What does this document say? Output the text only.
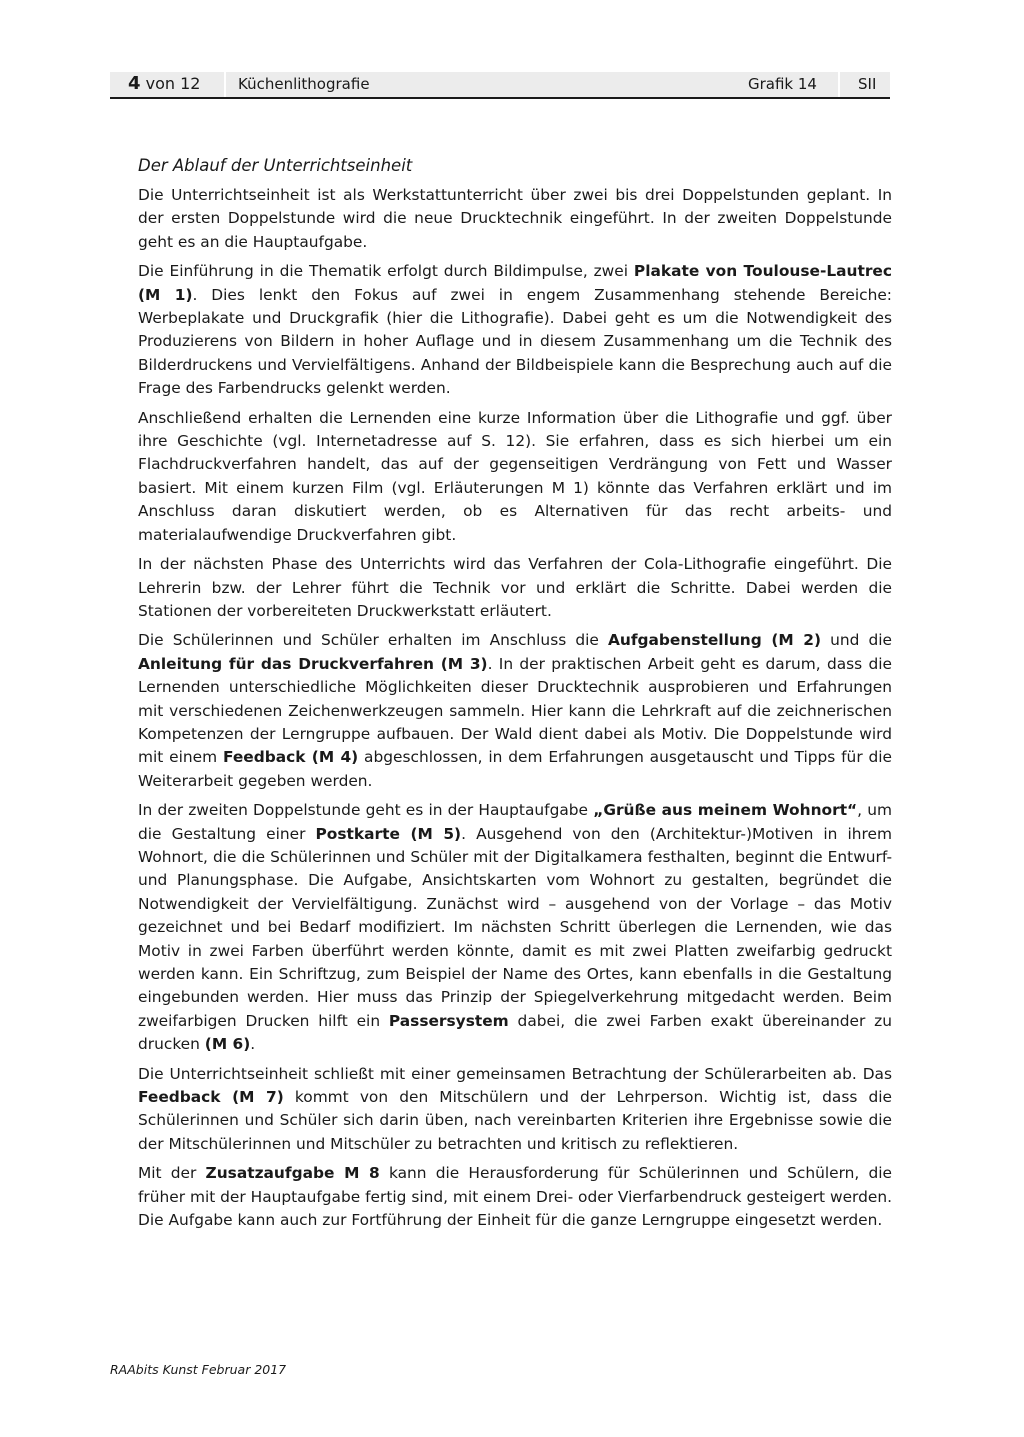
4 von 12	Küchenlithografie	Grafik 14	SII
Der Ablauf der Unterrichtseinheit

Die Unterrichtseinheit ist als Werkstattunterricht über zwei bis drei Doppelstunden geplant. In der ersten Doppelstunde wird die neue Drucktechnik eingeführt. In der zweiten Doppelstunde geht es an die Hauptaufgabe.

Die Einführung in die Thematik erfolgt durch Bildimpulse, zwei Plakate von Toulouse-Lautrec (M 1). Dies lenkt den Fokus auf zwei in engem Zusammenhang stehende Bereiche: Werbeplakate und Druckgrafik (hier die Lithografie). Dabei geht es um die Notwendigkeit des Produzierens von Bildern in hoher Auflage und in diesem Zusammenhang um die Technik des Bilderdruckens und Vervielfältigens. Anhand der Bildbeispiele kann die Besprechung auch auf die Frage des Farbendrucks gelenkt werden.

Anschließend erhalten die Lernenden eine kurze Information über die Lithografie und ggf. über ihre Geschichte (vgl. Internetadresse auf S. 12). Sie erfahren, dass es sich hierbei um ein Flachdruckverfahren handelt, das auf der gegenseitigen Verdrängung von Fett und Wasser basiert. Mit einem kurzen Film (vgl. Erläuterungen M 1) könnte das Verfahren erklärt und im Anschluss daran diskutiert werden, ob es Alternativen für das recht arbeits- und materialaufwendige Druckverfahren gibt.

In der nächsten Phase des Unterrichts wird das Verfahren der Cola-Lithografie eingeführt. Die Lehrerin bzw. der Lehrer führt die Technik vor und erklärt die Schritte. Dabei werden die Stationen der vorbereiteten Druckwerkstatt erläutert.

Die Schülerinnen und Schüler erhalten im Anschluss die Aufgabenstellung (M 2) und die Anleitung für das Druckverfahren (M 3). In der praktischen Arbeit geht es darum, dass die Lernenden unterschiedliche Möglichkeiten dieser Drucktechnik ausprobieren und Erfahrungen mit verschiedenen Zeichenwerkzeugen sammeln. Hier kann die Lehrkraft auf die zeichnerischen Kompetenzen der Lerngruppe aufbauen. Der Wald dient dabei als Motiv. Die Doppelstunde wird mit einem Feedback (M 4) abgeschlossen, in dem Erfahrungen ausgetauscht und Tipps für die Weiterarbeit gegeben werden.

In der zweiten Doppelstunde geht es in der Hauptaufgabe „Grüße aus meinem Wohnort“, um die Gestaltung einer Postkarte (M 5). Ausgehend von den (Architektur-)Motiven in ihrem Wohnort, die die Schülerinnen und Schüler mit der Digitalkamera festhalten, beginnt die Entwurf- und Planungsphase. Die Aufgabe, Ansichtskarten vom Wohnort zu gestalten, begründet die Notwendigkeit der Vervielfältigung. Zunächst wird – ausgehend von der Vorlage – das Motiv gezeichnet und bei Bedarf modifiziert. Im nächsten Schritt überlegen die Lernenden, wie das Motiv in zwei Farben überführt werden könnte, damit es mit zwei Platten zweifarbig gedruckt werden kann. Ein Schriftzug, zum Beispiel der Name des Ortes, kann ebenfalls in die Gestaltung eingebunden werden. Hier muss das Prinzip der Spiegelverkehrung mitgedacht werden. Beim zweifarbigen Drucken hilft ein Passersystem dabei, die zwei Farben exakt übereinander zu drucken (M 6).

Die Unterrichtseinheit schließt mit einer gemeinsamen Betrachtung der Schülerarbeiten ab. Das Feedback (M 7) kommt von den Mitschülern und der Lehrperson. Wichtig ist, dass die Schülerinnen und Schüler sich darin üben, nach vereinbarten Kriterien ihre Ergebnisse sowie die der Mitschülerinnen und Mitschüler zu betrachten und kritisch zu reflektieren.

Mit der Zusatzaufgabe M 8 kann die Herausforderung für Schülerinnen und Schülern, die früher mit der Hauptaufgabe fertig sind, mit einem Drei- oder Vierfarbendruck gesteigert werden. Die Aufgabe kann auch zur Fortführung der Einheit für die ganze Lerngruppe eingesetzt werden.

RAAbits Kunst Februar 2017
